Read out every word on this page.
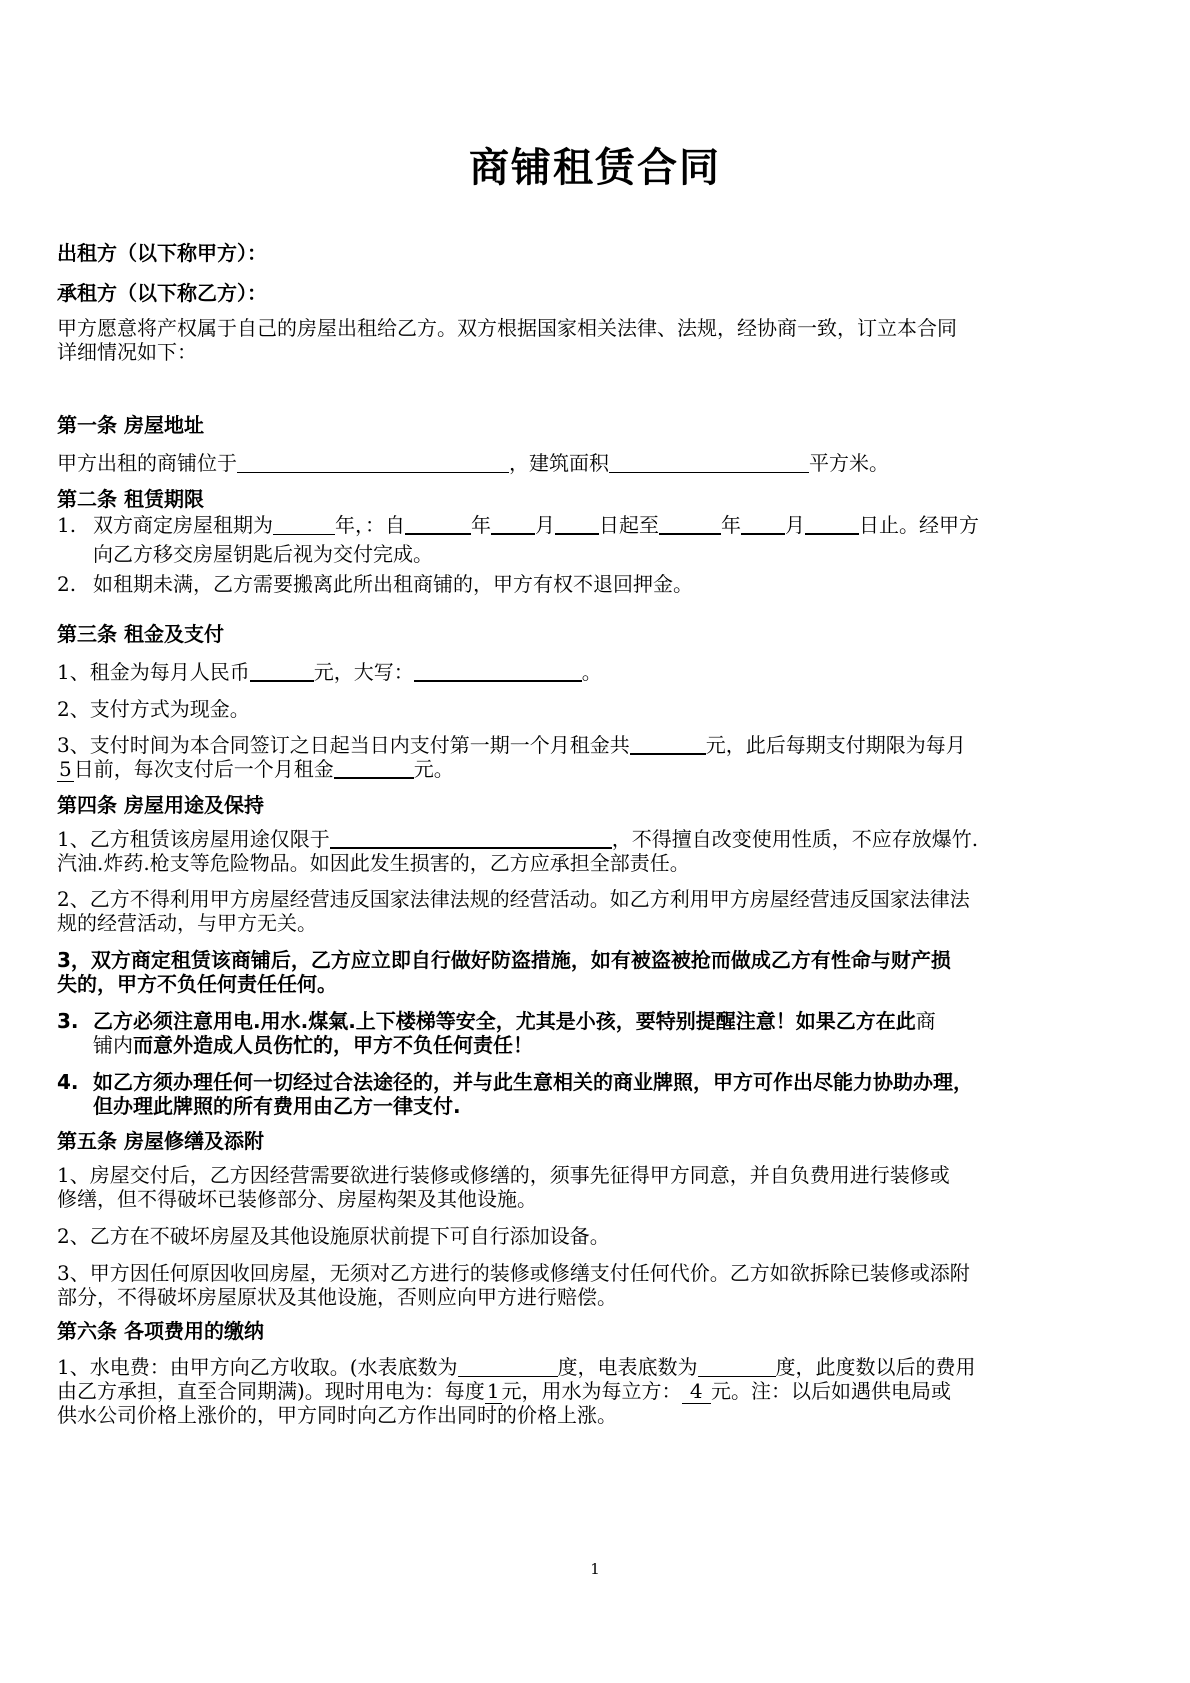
商铺租赁合同
出租方（以下称甲方）：
承租方（以下称乙方）：
甲方愿意将产权属于自己的房屋出租给乙方。双方根据国家相关法律、法规，经协商一致，订立本合同
详细情况如下：
第一条 房屋地址
甲方出租的商铺位于	，建筑面积	平方米。
第二条 租赁期限
1. 双方商定房屋租期为	年，：自	年 月 日起至	年 月	日止。经甲方
向乙方移交房屋钥匙后视为交付完成。
2. 如租期未满，乙方需要搬离此所出租商铺的，甲方有权不退回押金。
第三条 租金及支付
1、租金为每月人民币	元，大写：	。
2、支付方式为现金。
3、支付时间为本合同签订之日起当日内支付第一期一个月租金共	元，此后每期支付期限为每月
5 日前，每次支付后一个月租金	元。
第四条 房屋用途及保持
1、乙方租赁该房屋用途仅限于	，不得擅自改变使用性质，不应存放爆竹.
汽油.炸药.枪支等危险物品。如因此发生损害的，乙方应承担全部责任。
2、乙方不得利用甲方房屋经营违反国家法律法规的经营活动。如乙方利用甲方房屋经营违反国家法律法
规的经营活动，与甲方无关。
3，双方商定租赁该商铺后，乙方应立即自行做好防盗措施，如有被盗被抢而做成乙方有性命与财产损
失的，甲方不负任何责任任何。
3. 乙方必须注意用电.用水.煤氣.上下楼梯等安全，尤其是小孩，要特别提醒注意！如果乙方在此商
铺内而意外造成人员伤忙的，甲方不负任何责任！
4. 如乙方须办理任何一切经过合法途径的，并与此生意相关的商业牌照，甲方可作出尽能力协助办理，
但办理此牌照的所有费用由乙方一律支付.
第五条 房屋修缮及添附
1、房屋交付后，乙方因经营需要欲进行装修或修缮的，须事先征得甲方同意，并自负费用进行装修或
修缮，但不得破坏已装修部分、房屋构架及其他设施。
2、乙方在不破坏房屋及其他设施原状前提下可自行添加设备。
3、甲方因任何原因收回房屋，无须对乙方进行的装修或修缮支付任何代价。乙方如欲拆除已装修或添附
部分，不得破坏房屋原状及其他设施，否则应向甲方进行赔偿。
第六条 各项费用的缴纳
1、水电费：由甲方向乙方收取。(水表底数为	度，电表底数为	度，此度数以后的费用
由乙方承担，直至合同期满)。现时用电为：每度 1 元，用水为每立方： 4 元。注：以后如遇供电局或
供水公司价格上涨价的，甲方同时向乙方作出同时的价格上涨。
1
